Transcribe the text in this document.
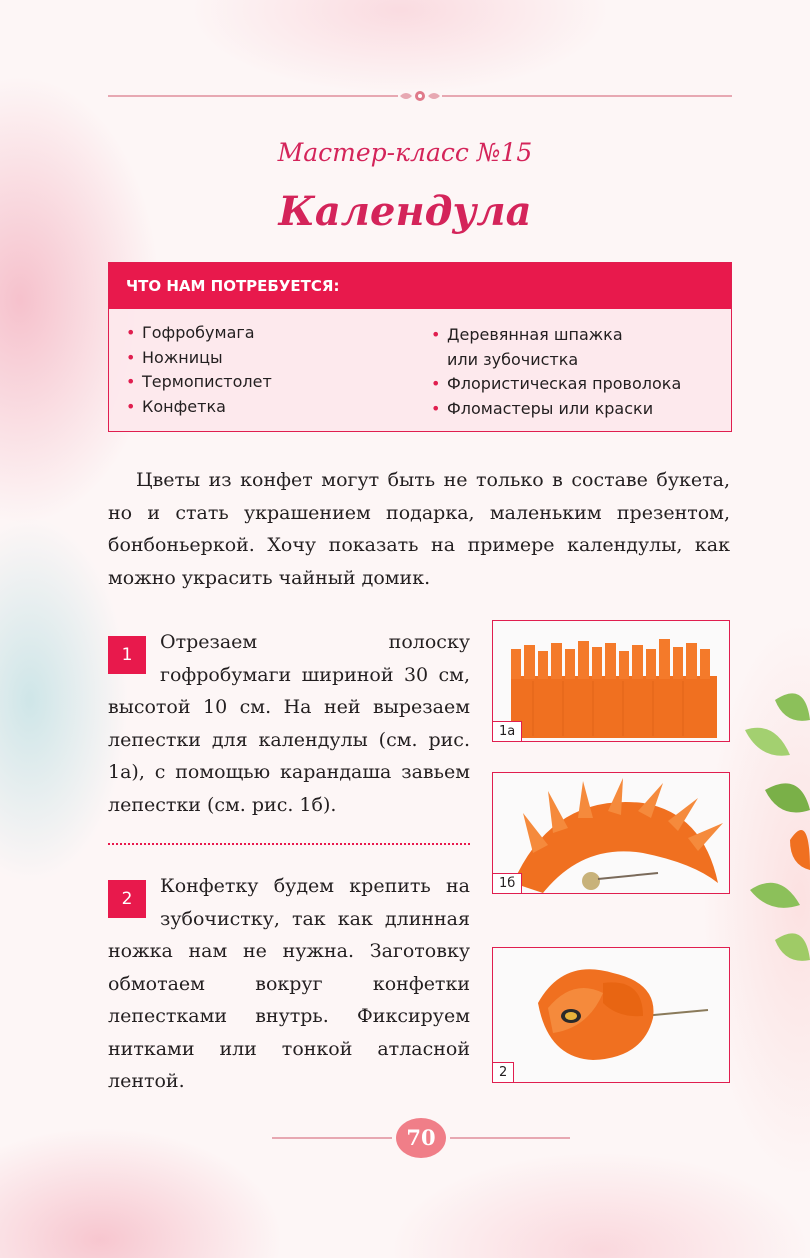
Мастер-класс №15
Календула
ЧТО НАМ ПОТРЕБУЕТСЯ:
• Гофробумага
• Ножницы
• Термопистолет
• Конфетка
• Деревянная шпажка
или зубочистка
• Флористическая проволока
• Фломастеры или краски

Цветы из конфет могут быть не только в составе букета, но и стать украшением подарка, маленьким презентом, бонбоньеркой. Хочу показать на примере календулы, как можно украсить чайный домик.

1
Отрезаем полоску гофробумаги шириной 30 см, высотой 10 см. На ней вырезаем лепестки для календулы (см. рис. 1а), с помощью карандаша завьем лепестки (см. рис. 1б).
2
Конфетку будем крепить на зубочистку, так как длинная ножка нам не нужна. Заготовку обмотаем вокруг конфетки лепестками внутрь. Фиксируем нитками или тонкой атласной лентой.
1а
1б
2
70
